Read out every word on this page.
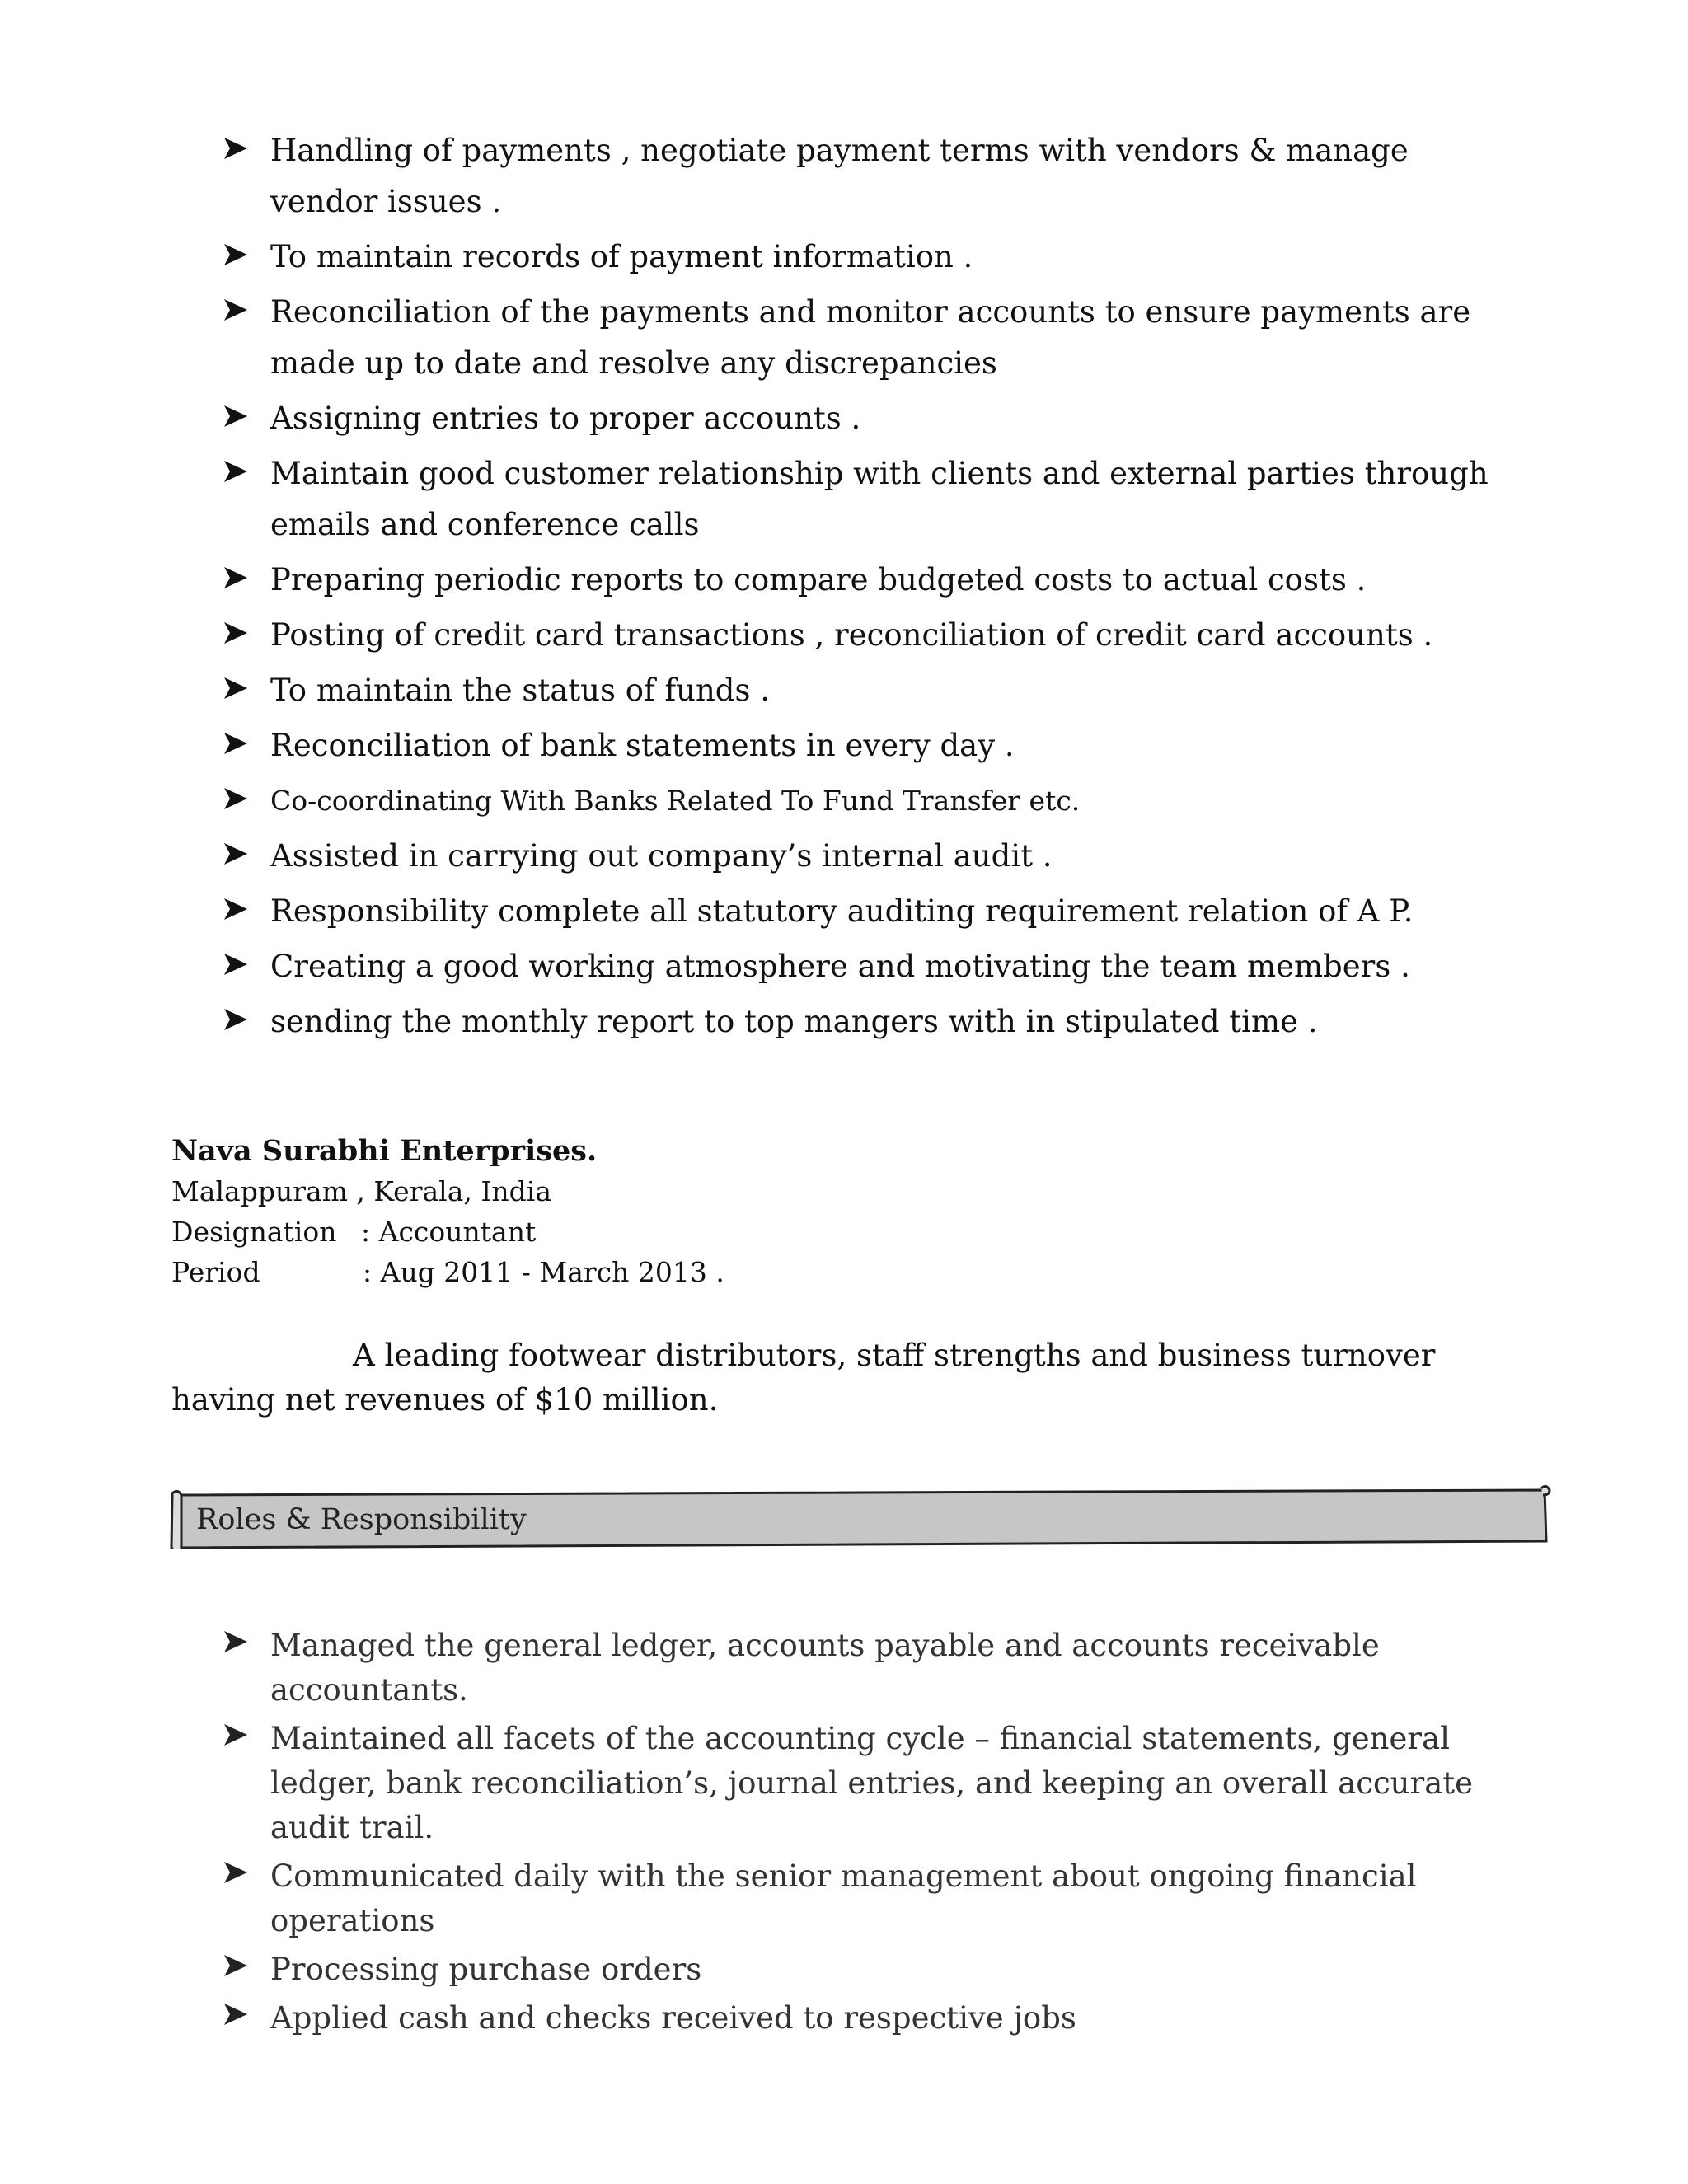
Handling of payments , negotiate payment terms with vendors & manage vendor issues .
To maintain records of payment information .
Reconciliation of the payments and monitor accounts to ensure payments are made up to date and resolve any discrepancies
Assigning entries to proper accounts .
Maintain good customer relationship with clients and external parties through emails and conference calls
Preparing periodic reports to compare budgeted costs to actual costs .
Posting of credit card transactions , reconciliation of credit card accounts .
To maintain the status of funds .
Reconciliation of bank statements in every day .
Co-coordinating With Banks Related To Fund Transfer etc.
Assisted in carrying out company’s internal audit .
Responsibility complete all statutory auditing requirement relation of A P.
Creating a good working atmosphere and motivating the team members .
sending the monthly report to top mangers with in stipulated time .
Nava Surabhi Enterprises.
Malappuram , Kerala, India
Designation : Accountant
Period	: Aug 2011 - March 2013 .
A leading footwear distributors, staff strengths and business turnover having net revenues of $10 million.
Roles & Responsibility
Managed the general ledger, accounts payable and accounts receivable accountants.
Maintained all facets of the accounting cycle – financial statements, general ledger, bank reconciliation’s, journal entries, and keeping an overall accurate audit trail.
Communicated daily with the senior management about ongoing financial operations
Processing purchase orders
Applied cash and checks received to respective jobs
